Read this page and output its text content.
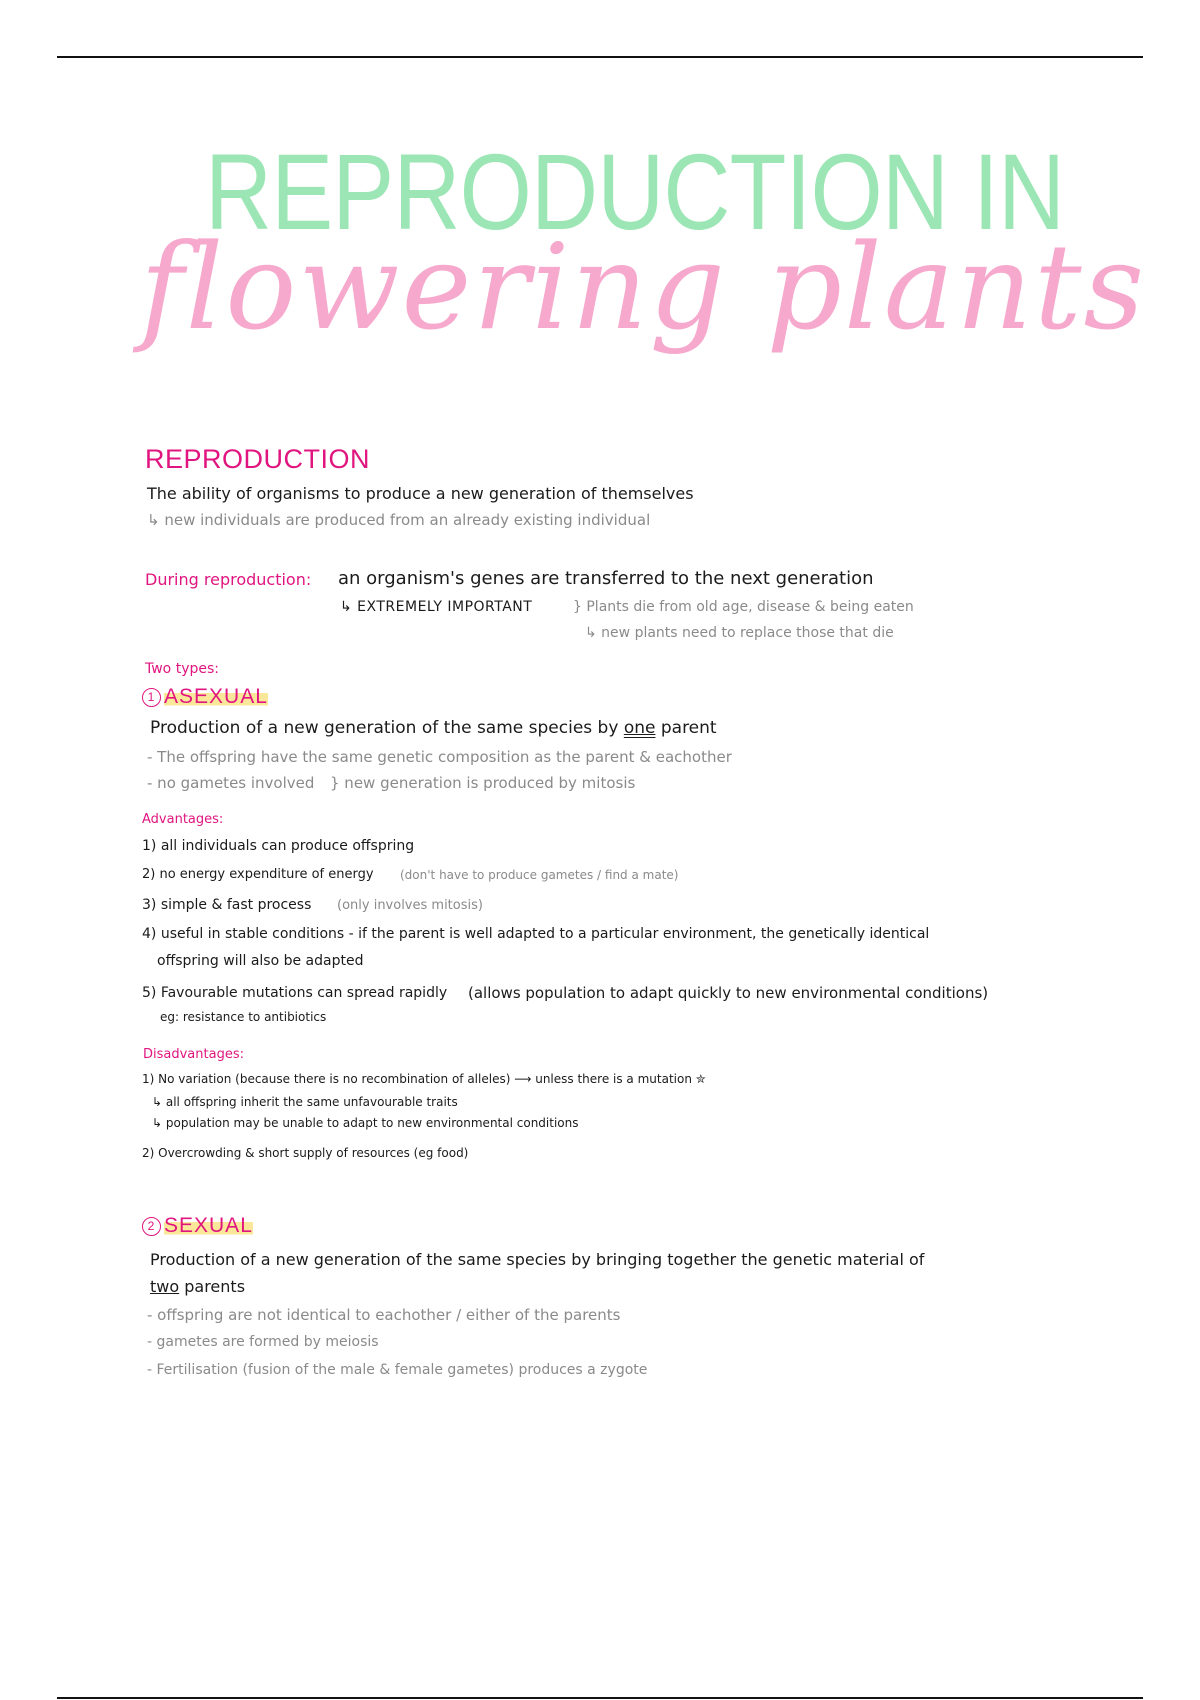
REPRODUCTION IN
flowering plants
REPRODUCTION
The ability of organisms to produce a new generation of themselves
↳ new individuals are produced from an already existing individual
During reproduction: an organism's genes are transferred to the next generation
↳ EXTREMELY IMPORTANT	} Plants die from old age, disease & being eaten
↳ new plants need to replace those that die
Two types:
1 ASEXUAL
Production of a new generation of the same species by one parent
- The offspring have the same genetic composition as the parent & eachother
- no gametes involved } new generation is produced by mitosis
Advantages:
1) all individuals can produce offspring
2) no energy expenditure of energy (don't have to produce gametes / find a mate)
3) simple & fast process (only involves mitosis)
4) useful in stable conditions - if the parent is well adapted to a particular environment, the genetically identical
offspring will also be adapted
5) Favourable mutations can spread rapidly (allows population to adapt quickly to new environmental conditions)
eg: resistance to antibiotics
Disadvantages:
1) No variation (because there is no recombination of alleles) ⟶ unless there is a mutation ✮
↳ all offspring inherit the same unfavourable traits
↳ population may be unable to adapt to new environmental conditions
2) Overcrowding & short supply of resources (eg food)
2 SEXUAL
Production of a new generation of the same species by bringing together the genetic material of
two parents
- offspring are not identical to eachother / either of the parents
- gametes are formed by meiosis
- Fertilisation (fusion of the male & female gametes) produces a zygote
